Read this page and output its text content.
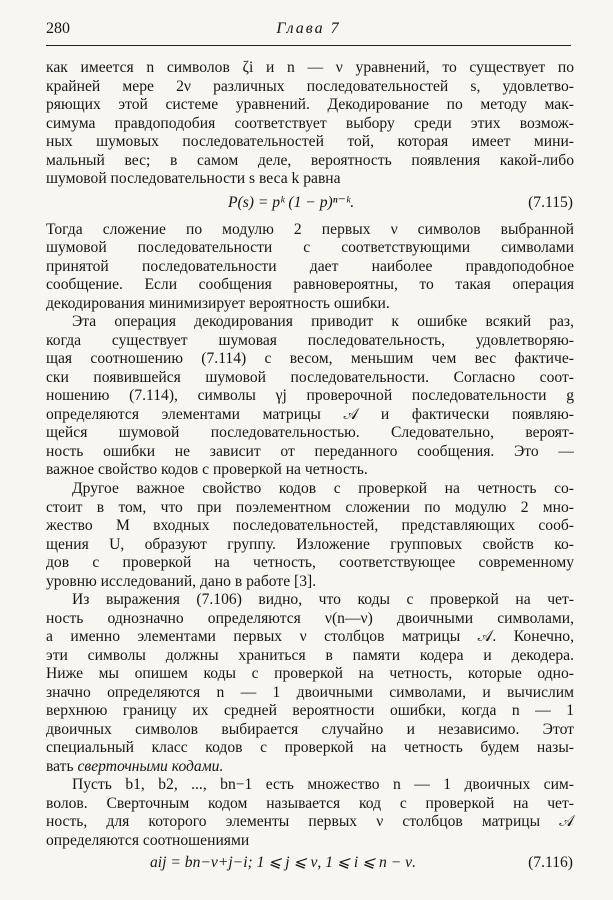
280	Глава 7
как имеется n символов ζi и n — ν уравнений, то существует по
крайней мере 2ν различных последовательностей s, удовлетво-
ряющих этой системе уравнений. Декодирование по методу мак-
симума правдоподобия соответствует выбору среди этих возмож-
ных шумовых последовательностей той, которая имеет мини-
мальный вес; в самом деле, вероятность появления какой-либо
шумовой последовательности s веса k равна
P(s) = pᵏ (1 − p)ⁿ⁻ᵏ.	(7.115)
Тогда сложение по модулю 2 первых ν символов выбранной
шумовой последовательности с соответствующими символами
принятой последовательности дает наиболее правдоподобное
сообщение. Если сообщения равновероятны, то такая операция
декодирования минимизирует вероятность ошибки.
Эта операция декодирования приводит к ошибке всякий раз,
когда существует шумовая последовательность, удовлетворяю-
щая соотношению (7.114) с весом, меньшим чем вес фактиче-
ски появившейся шумовой последовательности. Согласно соот-
ношению (7.114), символы γj проверочной последовательности g
определяются элементами матрицы 𝒜 и фактически появляю-
щейся шумовой последовательностью. Следовательно, вероят-
ность ошибки не зависит от переданного сообщения. Это —
важное свойство кодов с проверкой на четность.
Другое важное свойство кодов с проверкой на четность со-
стоит в том, что при поэлементном сложении по модулю 2 мно-
жество M входных последовательностей, представляющих сооб-
щения U, образуют группу. Изложение групповых свойств ко-
дов с проверкой на четность, соответствующее современному
уровню исследований, дано в работе [3].
Из выражения (7.106) видно, что коды с проверкой на чет-
ность однозначно определяются ν(n—ν) двоичными символами,
а именно элементами первых ν столбцов матрицы 𝒜. Конечно,
эти символы должны храниться в памяти кодера и декодера.
Ниже мы опишем коды с проверкой на четность, которые одно-
значно определяются n — 1 двоичными символами, и вычислим
верхнюю границу их средней вероятности ошибки, когда n — 1
двоичных символов выбирается случайно и независимо. Этот
специальный класс кодов с проверкой на четность будем назы-
вать сверточными кодами.
Пусть b1, b2, ..., bn−1 есть множество n — 1 двоичных сим-
волов. Сверточным кодом называется код с проверкой на чет-
ность, для которого элементы первых ν столбцов матрицы 𝒜
определяются соотношениями
aij = bn−ν+j−i; 1 ⩽ j ⩽ ν, 1 ⩽ i ⩽ n − ν.	(7.116)
